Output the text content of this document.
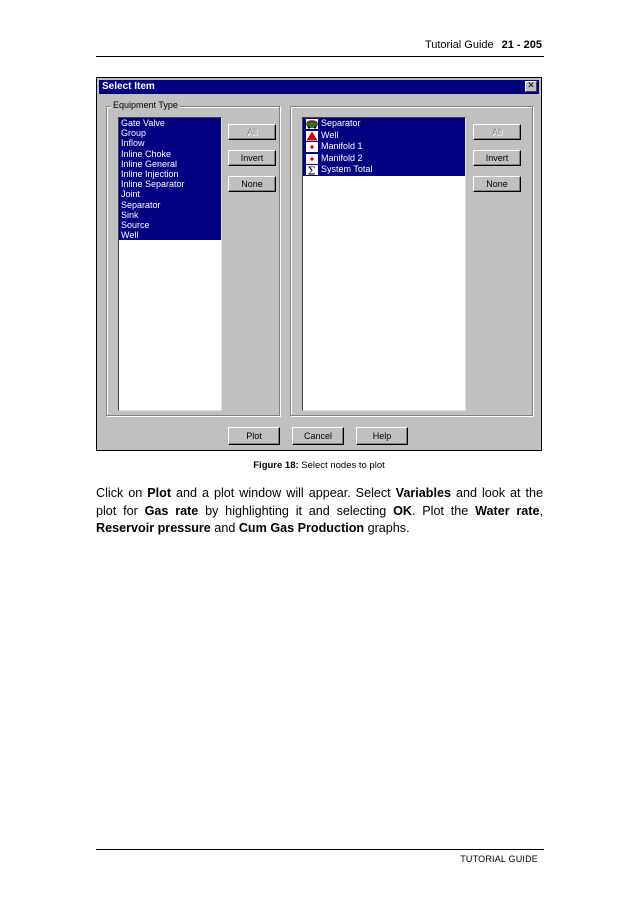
Tutorial Guide 21 - 205
Select Item	✕
Equipment Type
Gate Valve
Group
Inflow
Inline Choke
Inline General
Inline Injection
Inline Separator
Joint
Separator
Sink
Source
Well
All
Invert
None
Separator
Well
Manifold 1
Manifold 2
Σ System Total
All
Invert
None
Plot	Cancel	Help
Figure 18: Select nodes to plot
Click on Plot and a plot window will appear. Select Variables and look at the plot for Gas rate by highlighting it and selecting OK. Plot the Water rate, Reservoir pressure and Cum Gas Production graphs.
TUTORIAL GUIDE
